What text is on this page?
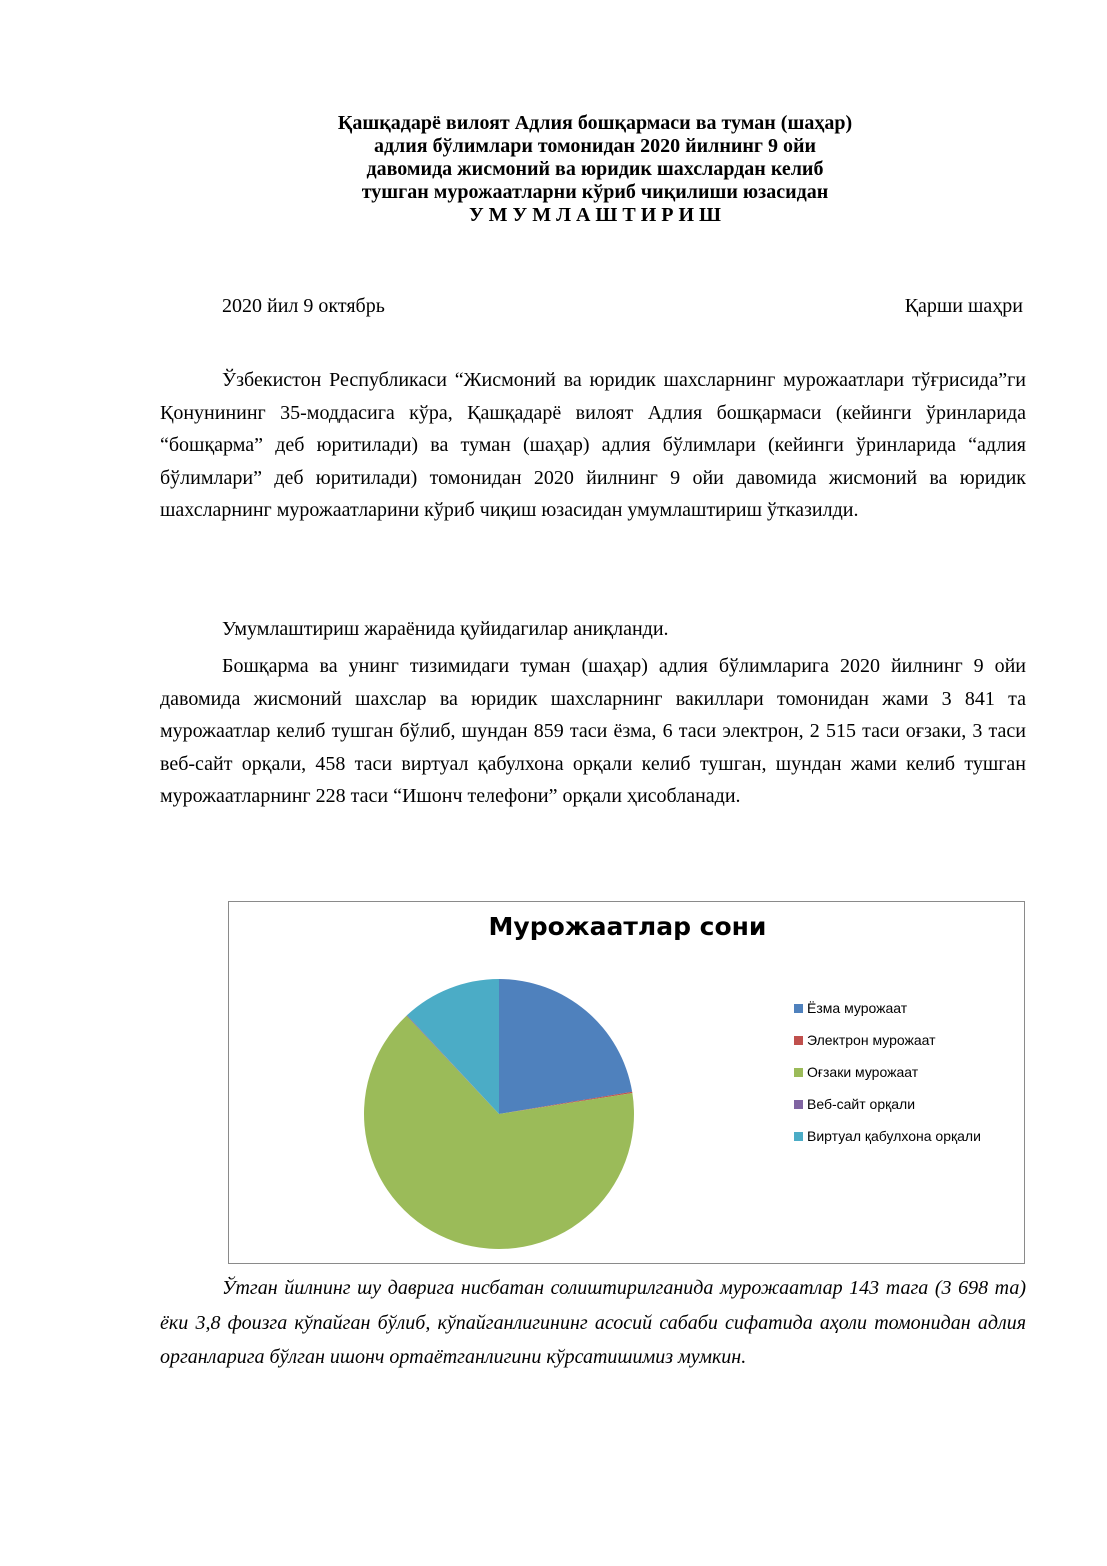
Қашқадарё вилоят Адлия бошқармаси ва туман (шаҳар)
адлия бўлимлари томонидан 2020 йилнинг 9 ойи
давомида жисмоний ва юридик шахслардан келиб
тушган мурожаатларни кўриб чиқилиши юзасидан
У М У М Л А Ш Т И Р И Ш
2020 йил 9 октябрь	Қарши шаҳри

Ўзбекистон Республикаси “Жисмоний ва юридик шахсларнинг мурожаатлари тўғрисида”ги Қонунининг 35-моддасига кўра, Қашқадарё вилоят Адлия бошқармаси (кейинги ўринларида “бошқарма” деб юритилади) ва туман (шаҳар) адлия бўлимлари (кейинги ўринларида “адлия бўлимлари” деб юритилади) томонидан 2020 йилнинг 9 ойи давомида жисмоний ва юридик шахсларнинг мурожаатларини кўриб чиқиш юзасидан умумлаштириш ўтказилди.

Умумлаштириш жараёнида қуйидагилар аниқланди.

Бошқарма ва унинг тизимидаги туман (шаҳар) адлия бўлимларига 2020 йилнинг 9 ойи давомида жисмоний шахслар ва юридик шахсларнинг вакиллари томонидан жами 3 841 та мурожаатлар келиб тушган бўлиб, шундан 859 таси ёзма, 6 таси электрон, 2 515 таси оғзаки, 3 таси веб-сайт орқали, 458 таси виртуал қабулхона орқали келиб тушган, шундан жами келиб тушган мурожаатларнинг 228 таси “Ишонч телефони” орқали ҳисобланади.

Мурожаатлар сони
Ёзма мурожаат
Электрон мурожаат
Оғзаки мурожаат
Веб-сайт орқали
Виртуал қабулхона орқали

Ўтган йилнинг шу даврига нисбатан солиштирилганида мурожаатлар 143 тага (3 698 та) ёки 3,8 фоизга кўпайган бўлиб, кўпайганлигининг асосий сабаби сифатида аҳоли томонидан адлия органларига бўлган ишонч ортаётганлигини кўрсатишимиз мумкин.
